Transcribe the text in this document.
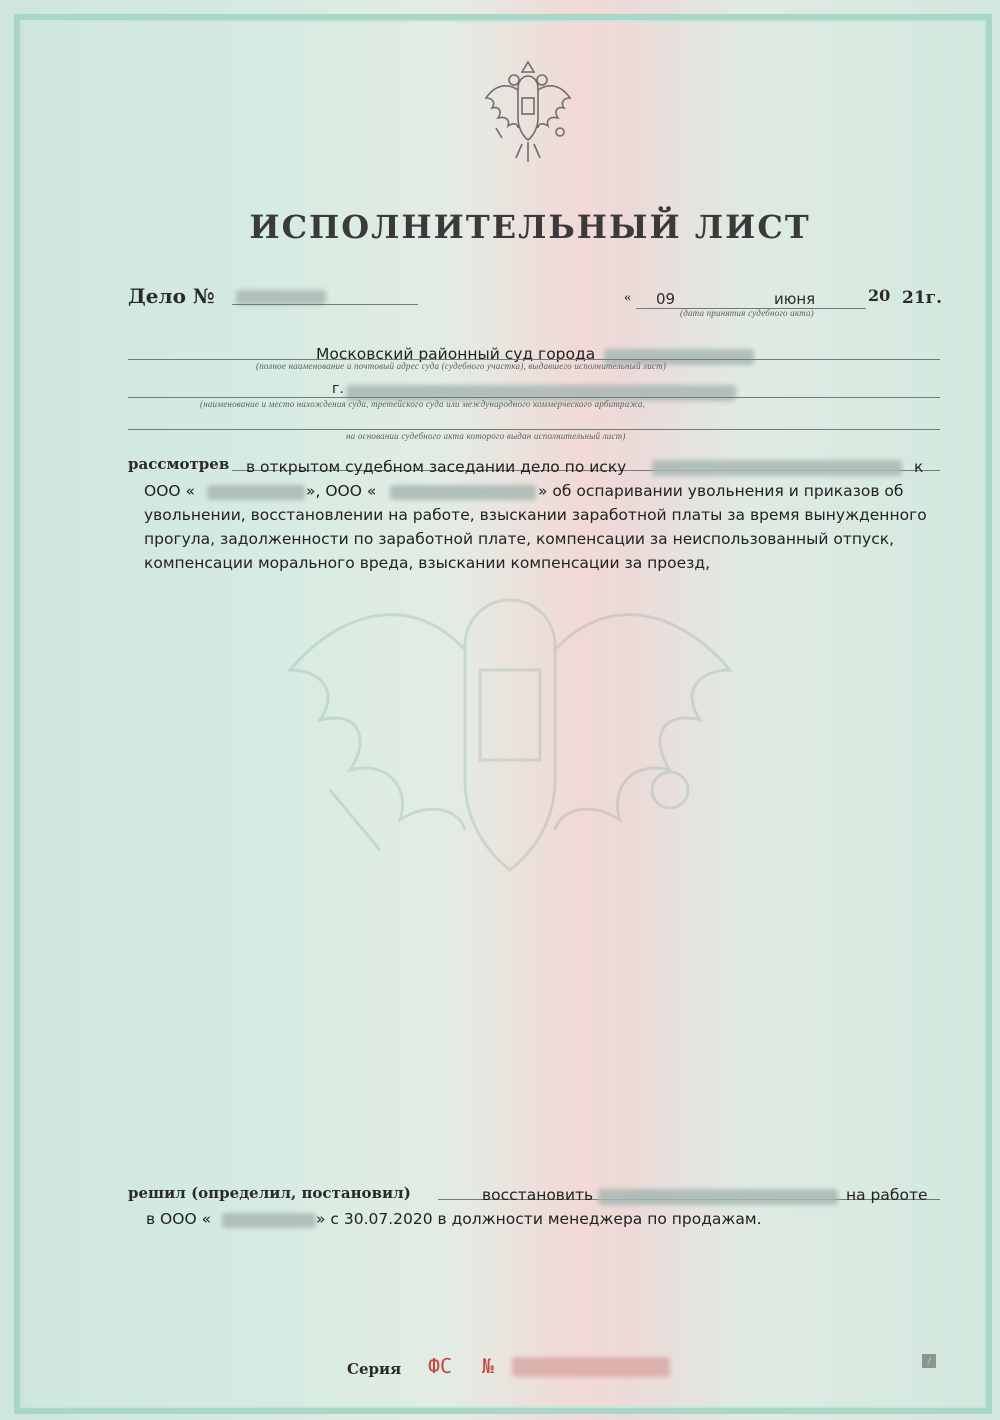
ИСПОЛНИТЕЛЬНЫЙ ЛИСТ
Дело №	« 09	июня	20 21г.
(дата принятия судебного акта)
Московский районный суд города
(полное наименование и почтовый адрес суда (судебного участка), выдавшего исполнительный лист)
г.
(наименование и место нахождения суда, третейского суда или международного коммерческого арбитража,
на основании судебного акта которого выдан исполнительный лист)
рассмотрев в открытом судебном заседании дело по иску	к
ООО «	», ООО «	» об оспаривании увольнения и приказов об
увольнении, восстановлении на работе, взыскании заработной платы за время вынужденного
прогула, задолженности по заработной плате, компенсации за неиспользованный отпуск,
компенсации морального вреда, взыскании компенсации за проезд,
решил (определил, постановил)	восстановить	на работе
в ООО «	» с 30.07.2020 в должности менеджера по продажам.
Серия ФС №	/
